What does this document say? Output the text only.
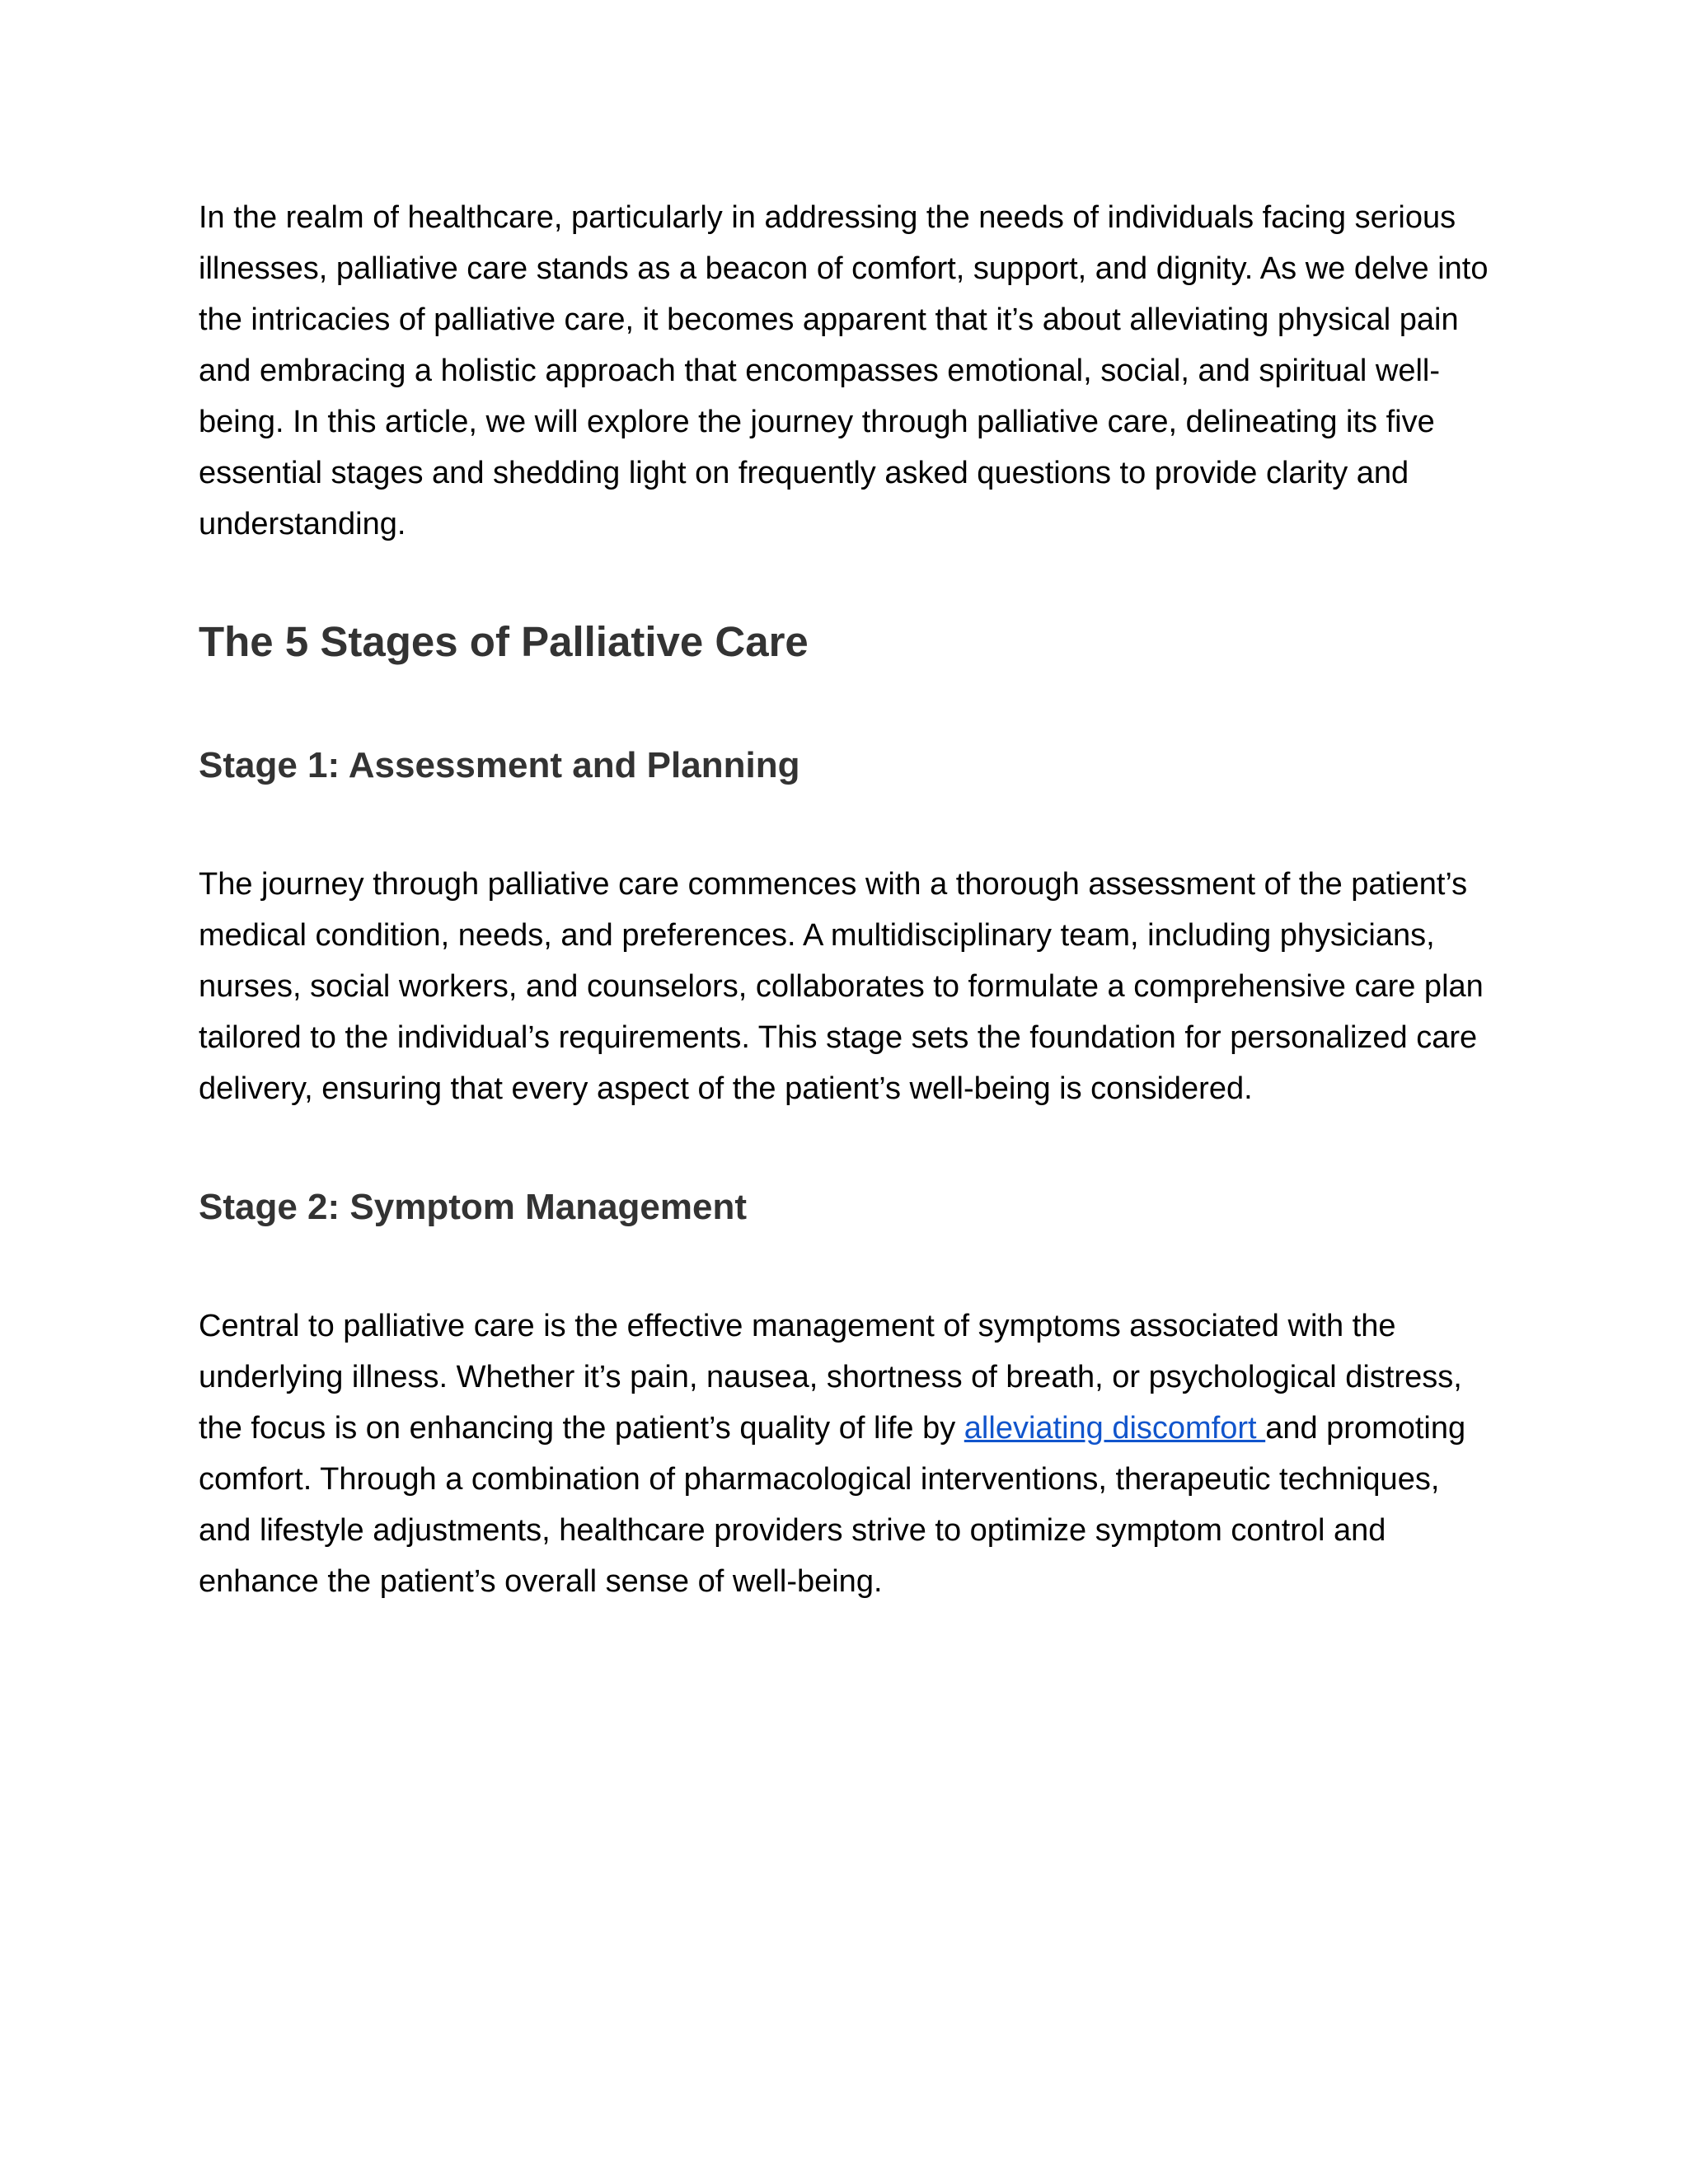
In the realm of healthcare, particularly in addressing the needs of individuals facing serious illnesses, palliative care stands as a beacon of comfort, support, and dignity. As we delve into the intricacies of palliative care, it becomes apparent that it’s about alleviating physical pain and embracing a holistic approach that encompasses emotional, social, and spiritual well-being. In this article, we will explore the journey through palliative care, delineating its five essential stages and shedding light on frequently asked questions to provide clarity and understanding.

The 5 Stages of Palliative Care
Stage 1: Assessment and Planning

The journey through palliative care commences with a thorough assessment of the patient’s medical condition, needs, and preferences. A multidisciplinary team, including physicians, nurses, social workers, and counselors, collaborates to formulate a comprehensive care plan tailored to the individual’s requirements. This stage sets the foundation for personalized care delivery, ensuring that every aspect of the patient’s well-being is considered.

Stage 2: Symptom Management

Central to palliative care is the effective management of symptoms associated with the underlying illness. Whether it’s pain, nausea, shortness of breath, or psychological distress, the focus is on enhancing the patient’s quality of life by alleviating discomfort and promoting comfort. Through a combination of pharmacological interventions, therapeutic techniques, and lifestyle adjustments, healthcare providers strive to optimize symptom control and enhance the patient’s overall sense of well-being.
